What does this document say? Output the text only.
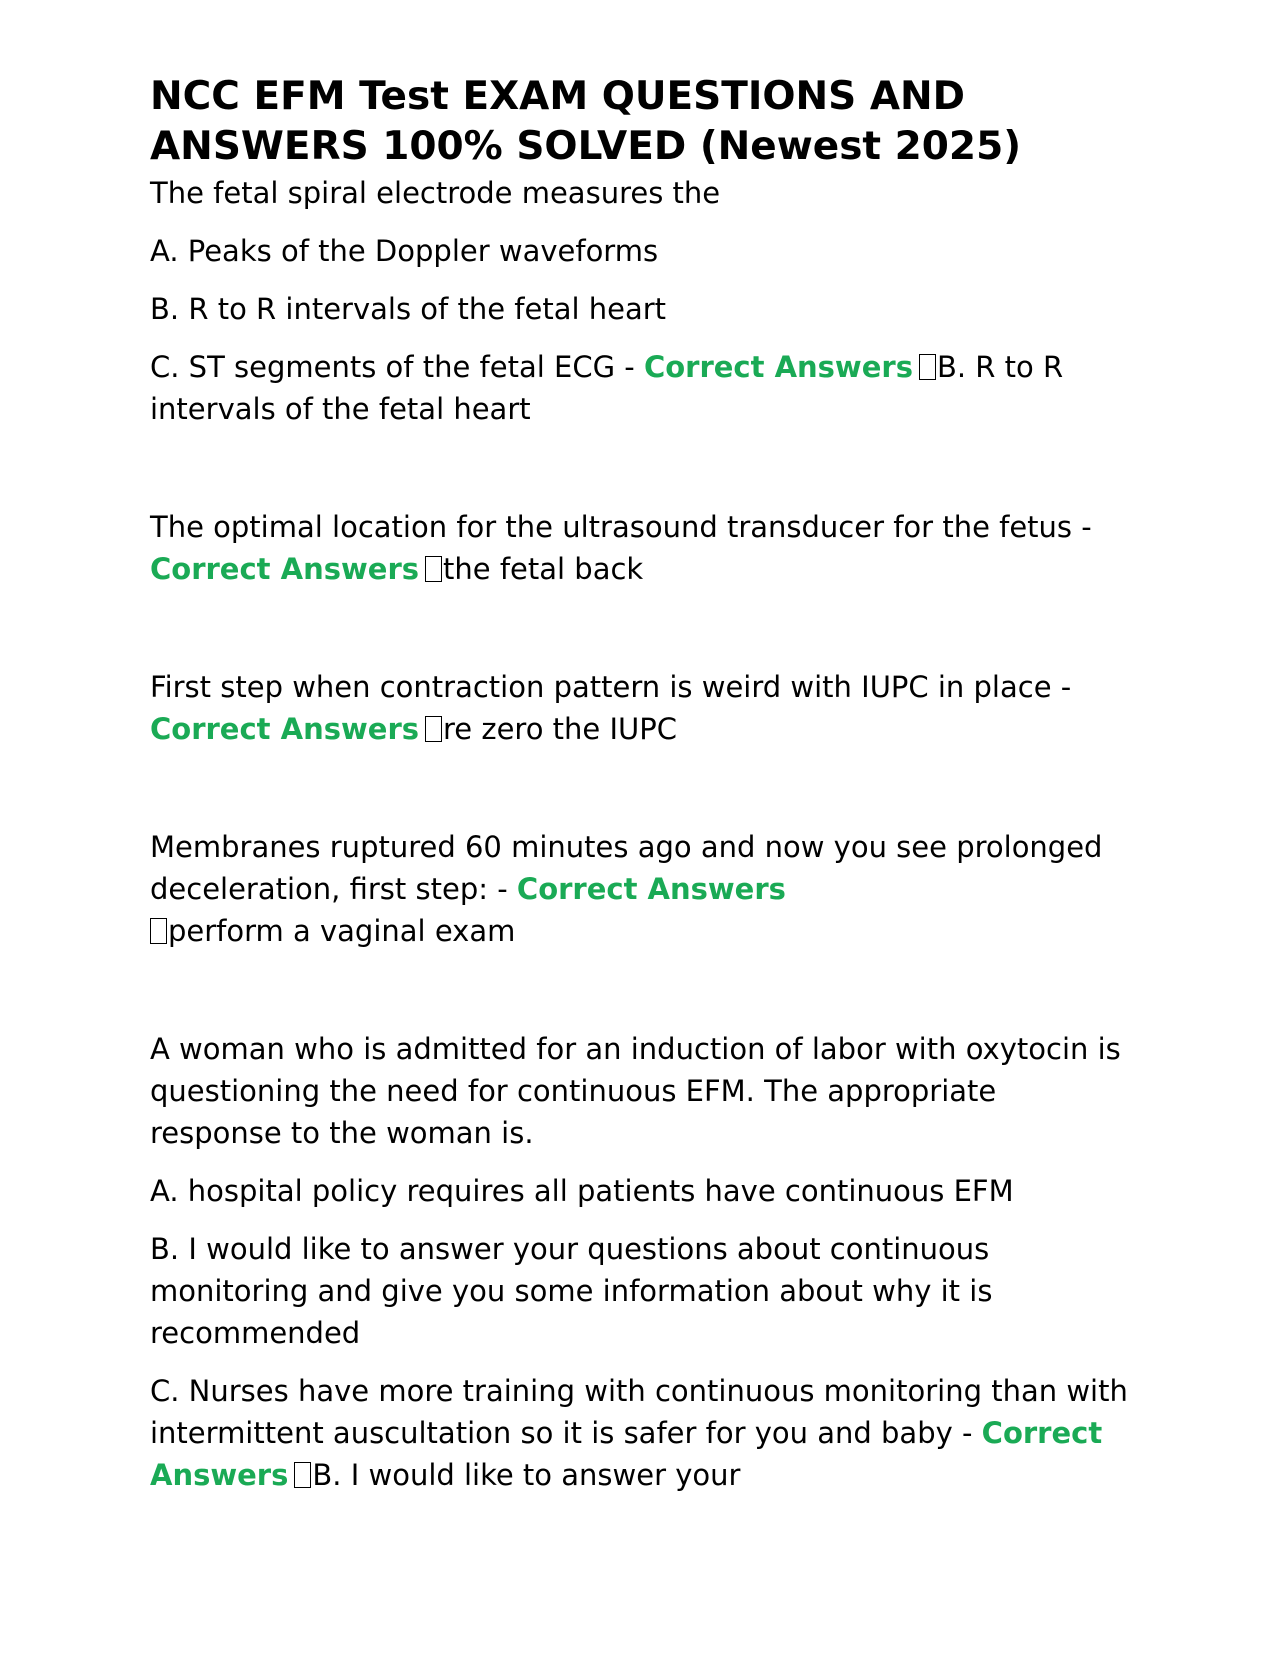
NCC EFM Test EXAM QUESTIONS AND ANSWERS 100% SOLVED (Newest 2025)

The fetal spiral electrode measures the

A. Peaks of the Doppler waveforms

B. R to R intervals of the fetal heart

C. ST segments of the fetal ECG - Correct Answers B. R to R intervals of the fetal heart

The optimal location for the ultrasound transducer for the fetus - Correct Answers the fetal back

First step when contraction pattern is weird with IUPC in place - Correct Answers re zero the IUPC

Membranes ruptured 60 minutes ago and now you see prolonged deceleration, first step: - Correct Answers
perform a vaginal exam

A woman who is admitted for an induction of labor with oxytocin is questioning the need for continuous EFM. The appropriate response to the woman is.

A. hospital policy requires all patients have continuous EFM

B. I would like to answer your questions about continuous monitoring and give you some information about why it is recommended

C. Nurses have more training with continuous monitoring than with intermittent auscultation so it is safer for you and baby - Correct Answers B. I would like to answer your
